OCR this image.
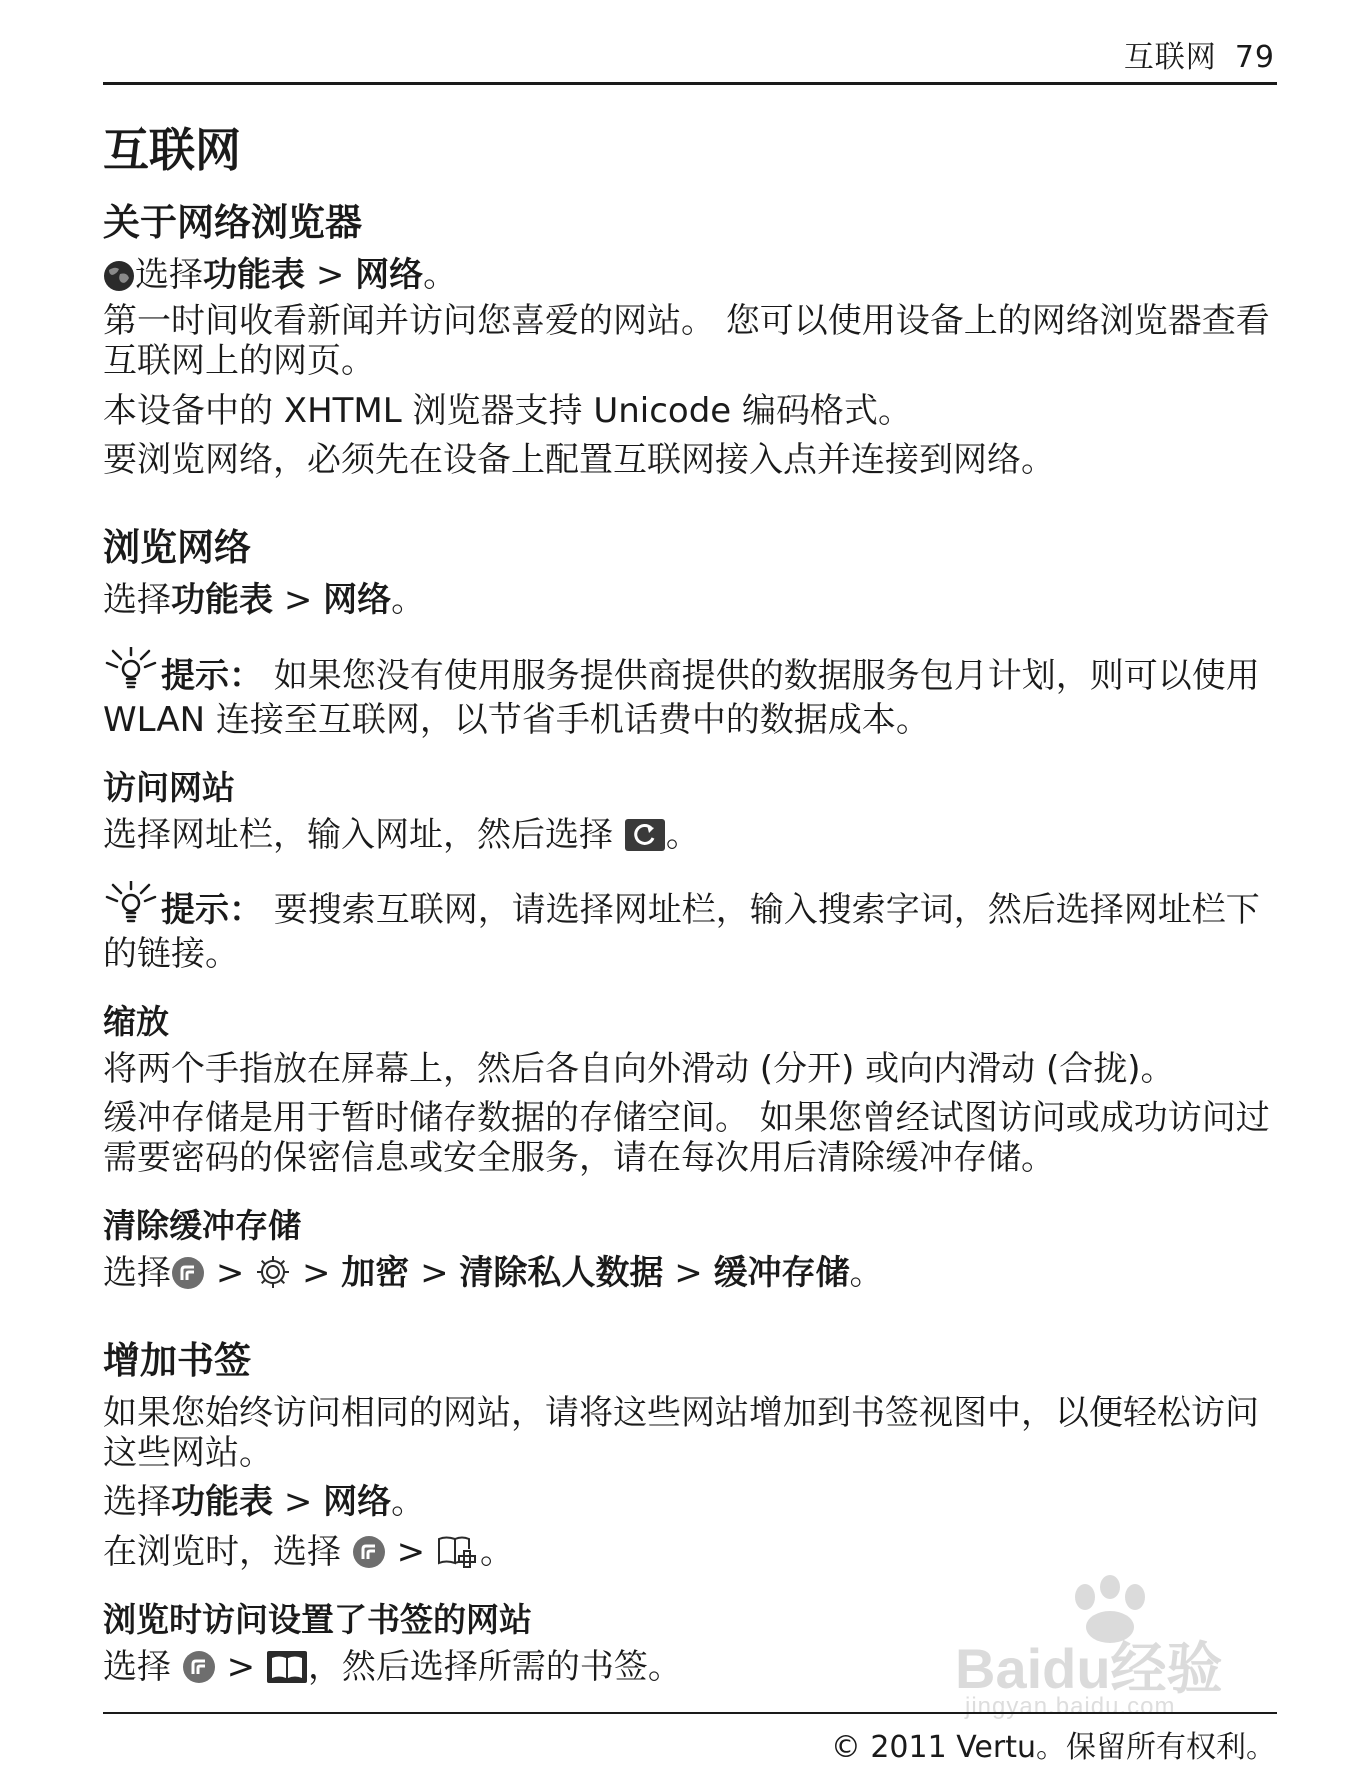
互联网 79
互联网
关于网络浏览器

选择功能表 > 网络。

第一时间收看新闻并访问您喜爱的网站。 您可以使用设备上的网络浏览器查看互联网上的网页。

本设备中的 XHTML 浏览器支持 Unicode 编码格式。

要浏览网络，必须先在设备上配置互联网接入点并连接到网络。

浏览网络

选择功能表 > 网络。

提示： 如果您没有使用服务提供商提供的数据服务包月计划，则可以使用 WLAN 连接至互联网，以节省手机话费中的数据成本。

访问网站

选择网址栏，输入网址，然后选择
。

提示： 要搜索互联网，请选择网址栏，输入搜索字词，然后选择网址栏下的链接。

缩放

将两个手指放在屏幕上，然后各自向外滑动 (分开) 或向内滑动 (合拢)。

缓冲存储是用于暂时储存数据的存储空间。 如果您曾经试图访问或成功访问过需要密码的保密信息或安全服务，请在每次用后清除缓冲存储。

清除缓冲存储

选择 > > 加密 > 清除私人数据 > 缓冲存储。

增加书签

如果您始终访问相同的网站，请将这些网站增加到书签视图中，以便轻松访问这些网站。

选择功能表 > 网络。

在浏览时，选择
> 。

浏览时访问设置了书签的网站

选择
> ，然后选择所需的书签。	Baidu经验
jingyan.baidu.com
© 2011 Vertu。保留所有权利。
